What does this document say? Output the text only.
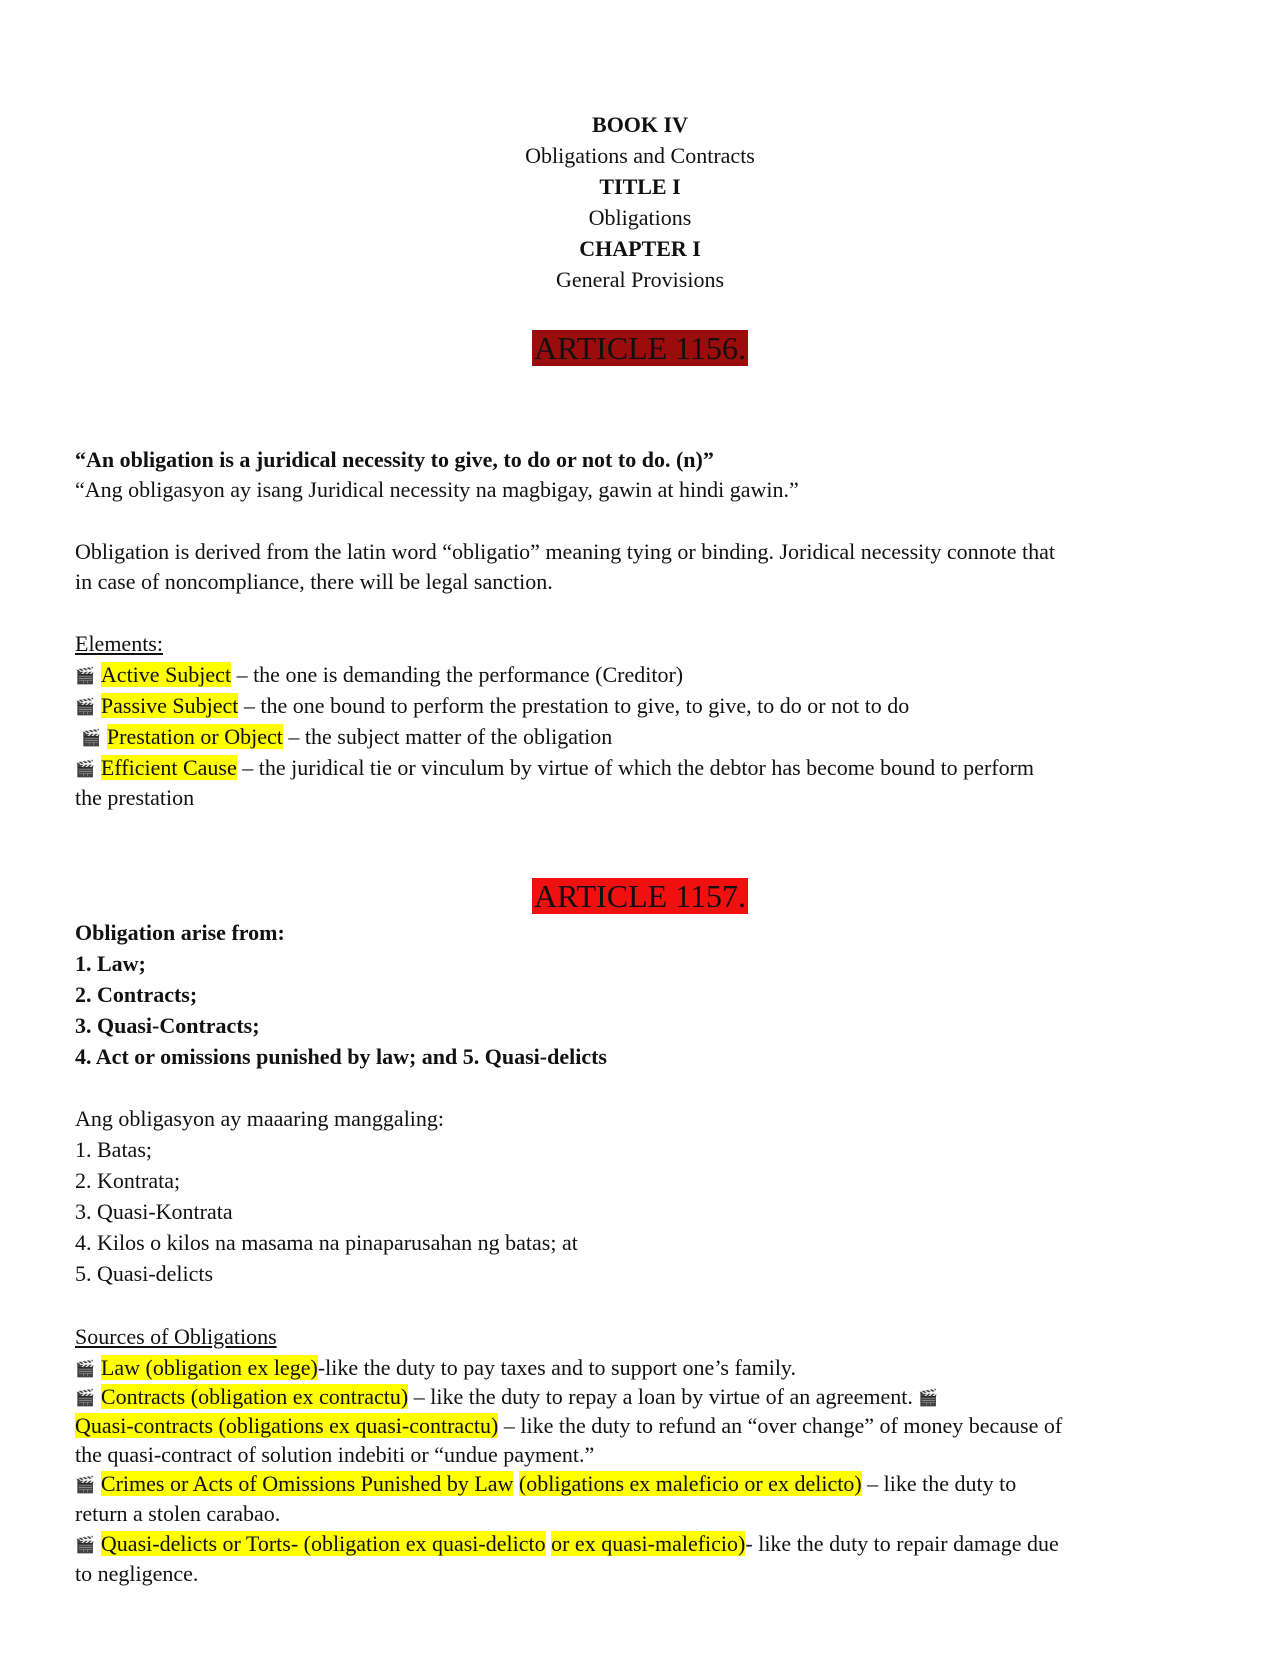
BOOK IV
Obligations and Contracts
TITLE I
Obligations
CHAPTER I
General Provisions
ARTICLE 1156.
“An obligation is a juridical necessity to give, to do or not to do. (n)”
“Ang obligasyon ay isang Juridical necessity na magbigay, gawin at hindi gawin.”
Obligation is derived from the latin word “obligatio” meaning tying or binding. Joridical necessity connote that
in case of noncompliance, there will be legal sanction.
Elements:
🎬 Active Subject – the one is demanding the performance (Creditor)
🎬 Passive Subject – the one bound to perform the prestation to give, to give, to do or not to do
🎬 Prestation or Object – the subject matter of the obligation
🎬 Efficient Cause – the juridical tie or vinculum by virtue of which the debtor has become bound to perform
the prestation
ARTICLE 1157.
Obligation arise from:
1. Law;
2. Contracts;
3. Quasi-Contracts;
4. Act or omissions punished by law; and 5. Quasi-delicts
Ang obligasyon ay maaaring manggaling:
1. Batas;
2. Kontrata;
3. Quasi-Kontrata
4. Kilos o kilos na masama na pinaparusahan ng batas; at
5. Quasi-delicts
Sources of Obligations
🎬 Law (obligation ex lege)-like the duty to pay taxes and to support one’s family.
🎬 Contracts (obligation ex contractu) – like the duty to repay a loan by virtue of an agreement. 🎬
Quasi-contracts (obligations ex quasi-contractu) – like the duty to refund an “over change” of money because of
the quasi-contract of solution indebiti or “undue payment.”
🎬 Crimes or Acts of Omissions Punished by Law (obligations ex maleficio or ex delicto) – like the duty to
return a stolen carabao.
🎬 Quasi-delicts or Torts- (obligation ex quasi-delicto or ex quasi-maleficio)- like the duty to repair damage due
to negligence.
